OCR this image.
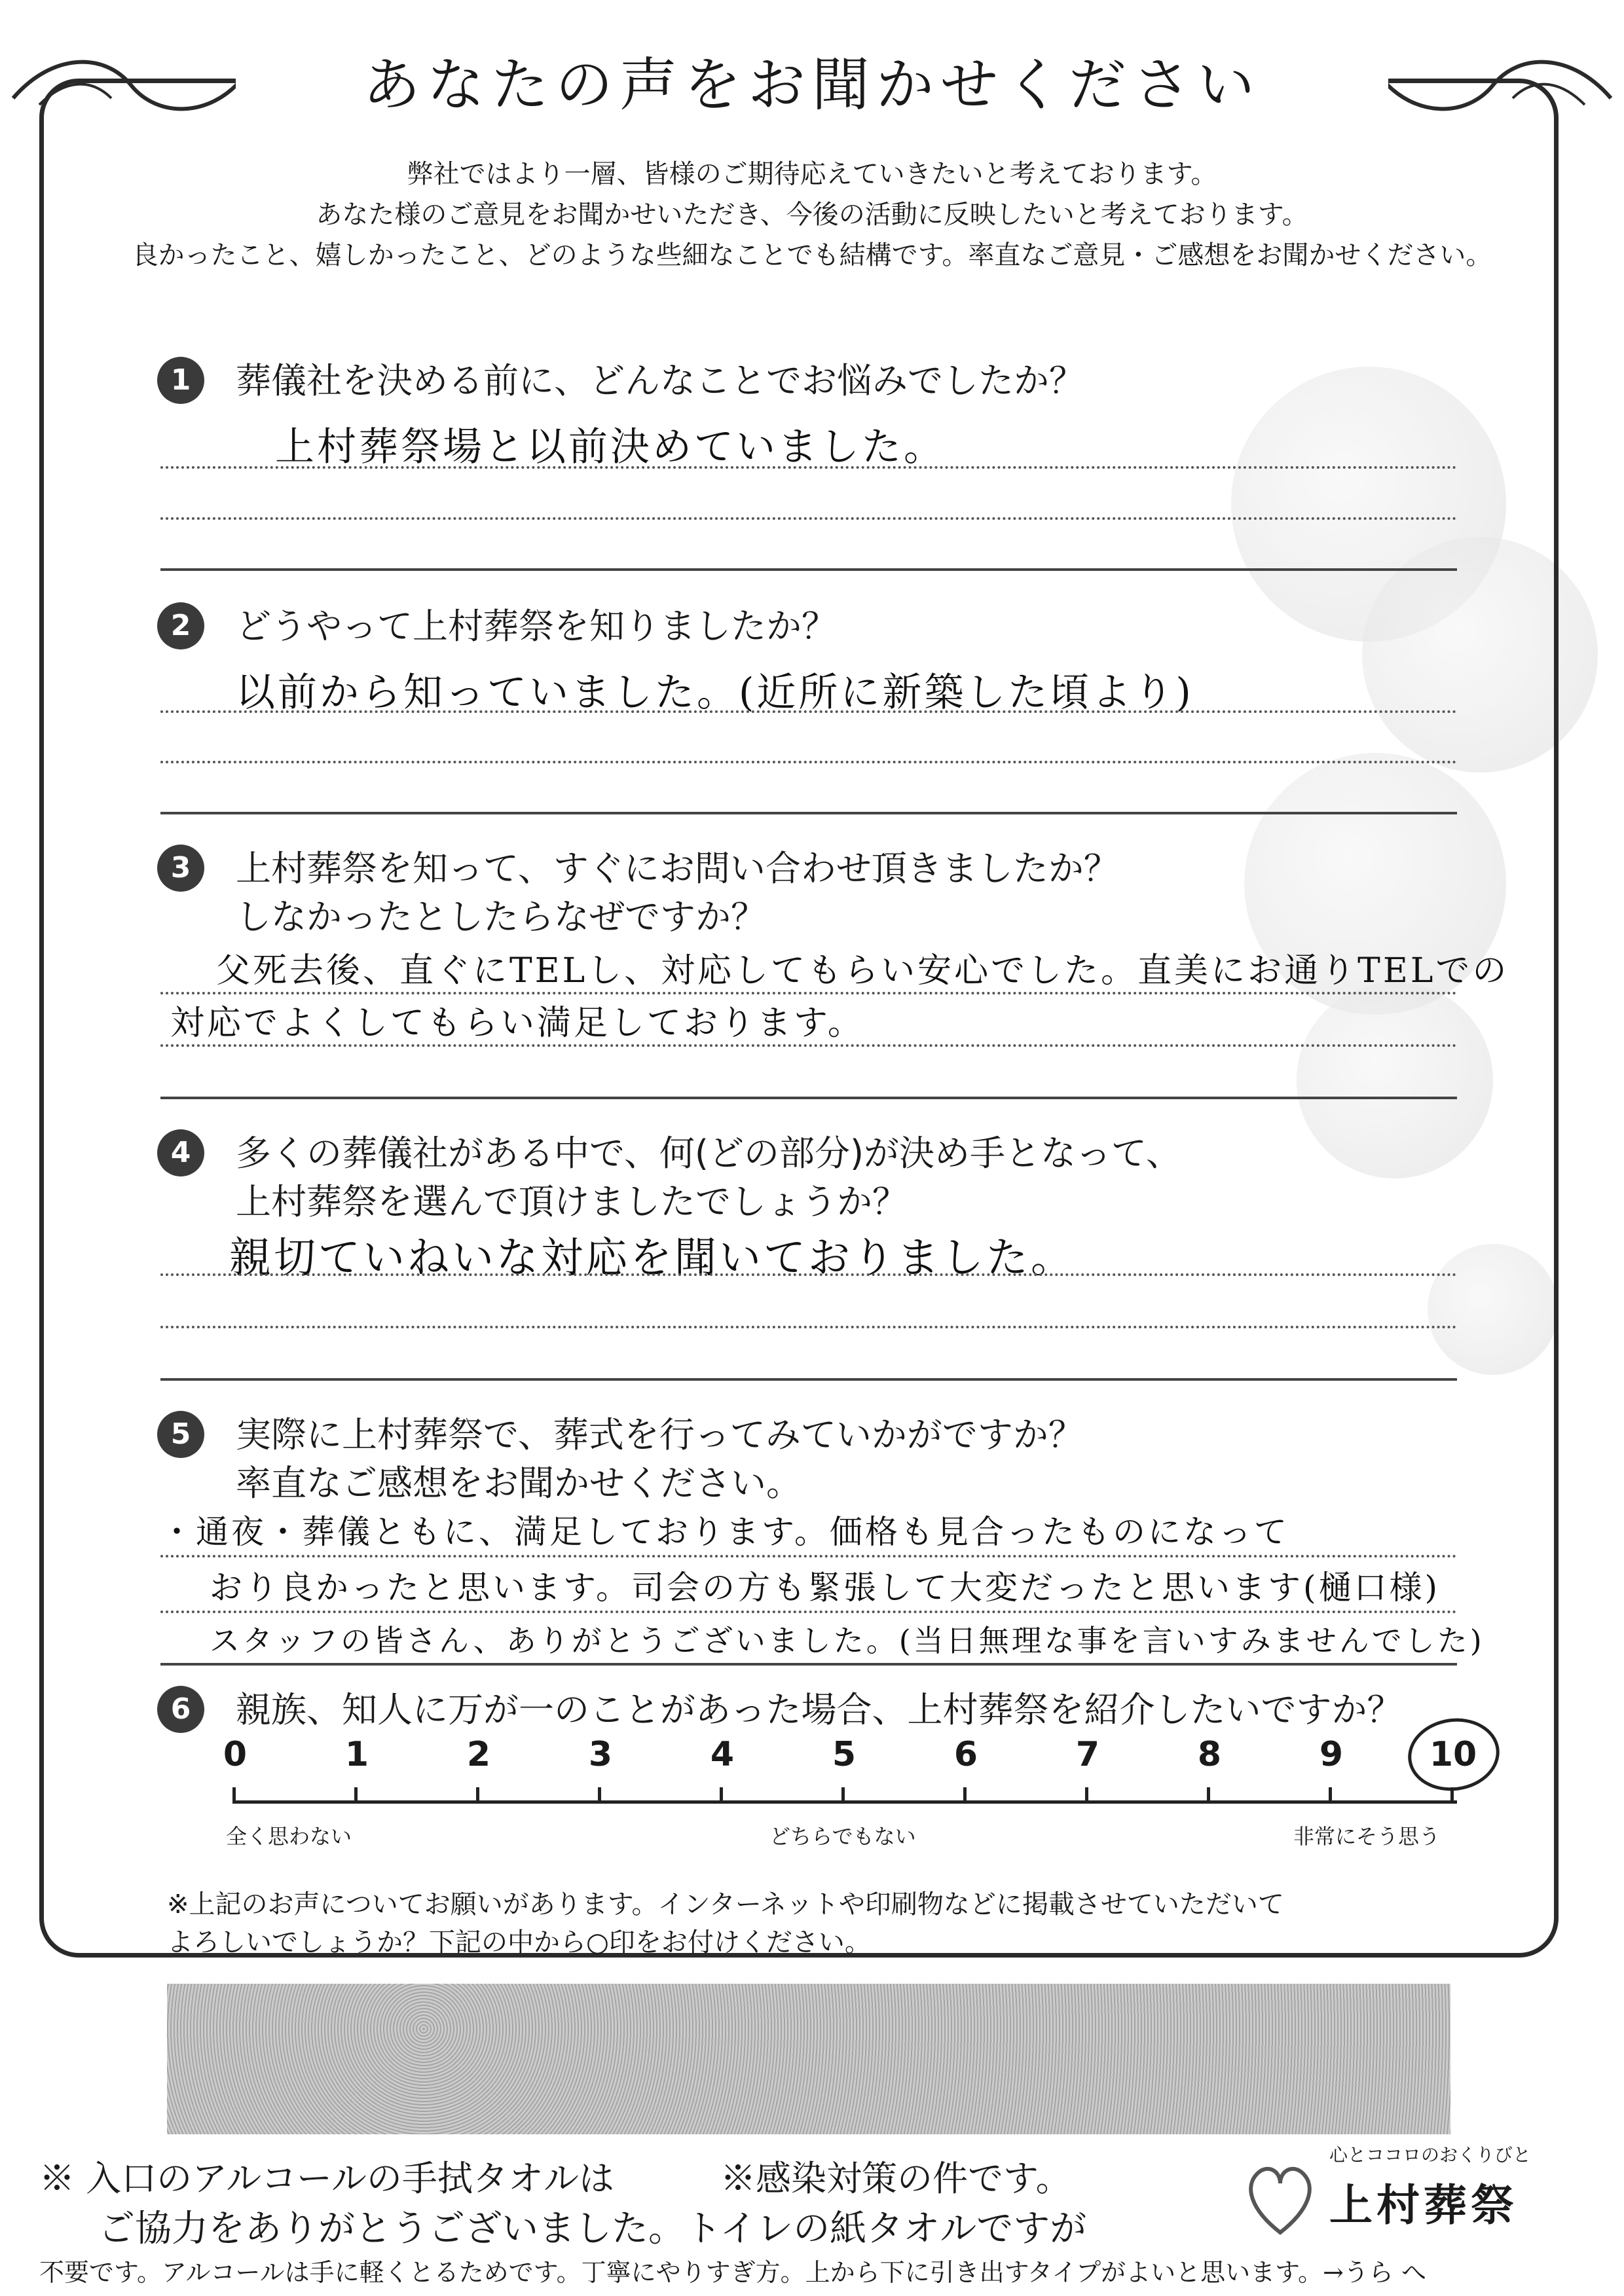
あなたの声をお聞かせください
弊社ではより一層、皆様のご期待応えていきたいと考えております。
あなた様のご意見をお聞かせいただき、今後の活動に反映したいと考えております。
良かったこと、嬉しかったこと、どのような些細なことでも結構です。率直なご意見・ご感想をお聞かせください。
1	葬儀社を決める前に、どんなことでお悩みでしたか？
上村葬祭場と以前決めていました。
2	どうやって上村葬祭を知りましたか？
以前から知っていました。(近所に新築した頃より)
3	上村葬祭を知って、すぐにお問い合わせ頂きましたか？
しなかったとしたらなぜですか？
父死去後、直ぐにTELし、対応してもらい安心でした。直美にお通りTELでの
対応でよくしてもらい満足しております。
4	多くの葬儀社がある中で、何(どの部分)が決め手となって、
上村葬祭を選んで頂けましたでしょうか？
親切ていねいな対応を聞いておりました。
5	実際に上村葬祭で、葬式を行ってみていかがですか？
率直なご感想をお聞かせください。
・通夜・葬儀ともに、満足しております。価格も見合ったものになって
おり良かったと思います。司会の方も緊張して大変だったと思います(樋口様)
スタッフの皆さん、ありがとうございました。(当日無理な事を言いすみませんでした)
6	親族、知人に万が一のことがあった場合、上村葬祭を紹介したいですか？
0	1	2	3	4	5	6	7	8	9	10
全く思わない	どちらでもない	非常にそう思う
※上記のお声についてお願いがあります。インターネットや印刷物などに掲載させていただいて
よろしいでしょうか？下記の中から○印をお付けください。
※ 入口のアルコールの手拭タオルは	※感染対策の件です。
ご協力をありがとうございました。トイレの紙タオルですが
不要です。アルコールは手に軽くとるためです。丁寧にやりすぎ方。上から下に引き出すタイプがよいと思います。→うら へ
心とココロのおくりびと
上村葬祭
